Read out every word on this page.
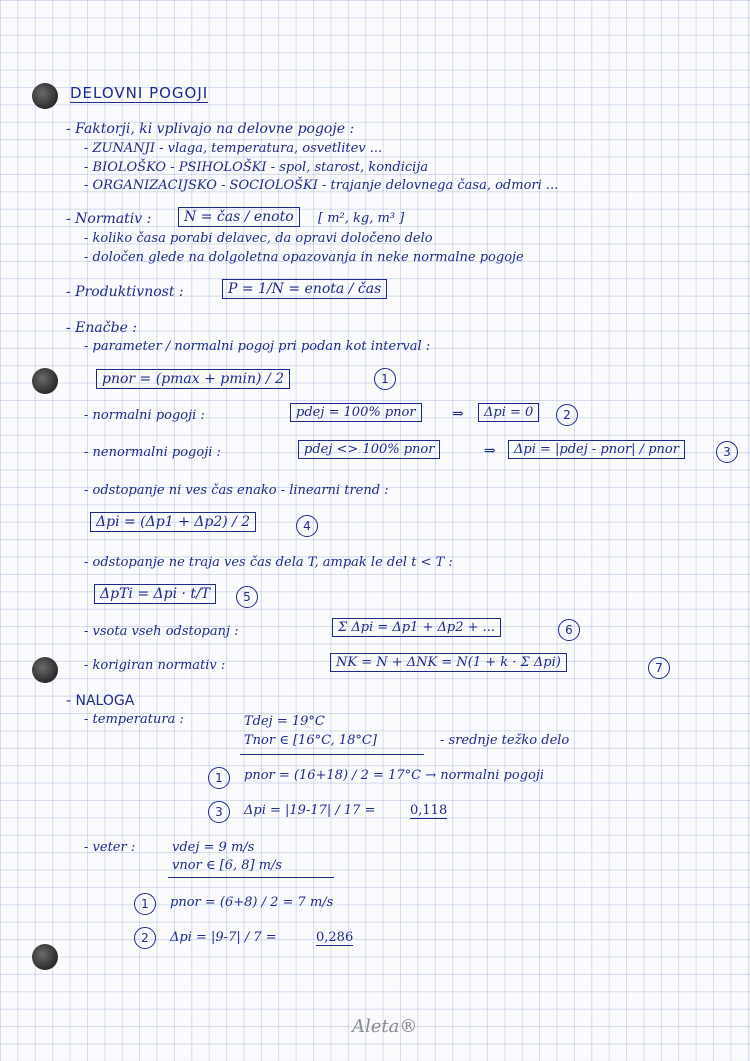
DELOVNI POGOJI
- Faktorji, ki vplivajo na delovne pogoje :
- ZUNANJI - vlaga, temperatura, osvetlitev ...
- BIOLOŠKO - PSIHOLOŠKI - spol, starost, kondicija
- ORGANIZACIJSKO - SOCIOLOŠKI - trajanje delovnega časa, odmori ...
- Normativ :	N = čas / enoto	[ m², kg, m³ ]
- koliko časa porabi delavec, da opravi določeno delo
- določen glede na dolgoletna opazovanja in neke normalne pogoje
- Produktivnost :	P = 1/N = enota / čas
- Enačbe :
- parameter / normalni pogoj pri podan kot interval :
pnor = (pmax + pmin) / 2	1
- normalni pogoji :	pdej = 100% pnor	⇒	Δpi = 0	2
- nenormalni pogoji :	pdej <> 100% pnor	⇒	Δpi = |pdej - pnor| / pnor	3
- odstopanje ni ves čas enako - linearni trend :
Δpi = (Δp1 + Δp2) / 2	4
- odstopanje ne traja ves čas dela T, ampak le del t < T :
ΔpTi = Δpi · t/T	5
- vsota vseh odstopanj :	Σ Δpi = Δp1 + Δp2 + ...	6
- korigiran normativ :	NK = N + ΔNK = N(1 + k · Σ Δpi)	7
- NALOGA
- temperatura :	Tdej = 19°C
Tnor ∈ [16°C, 18°C]	- srednje težko delo
1	pnor = (16+18) / 2 = 17°C → normalni pogoji
3	Δpi = |19-17| / 17 =	0,118
- veter :	vdej = 9 m/s
vnor ∈ [6, 8] m/s
1	pnor = (6+8) / 2 = 7 m/s
2	Δpi = |9-7| / 7 =	0,286
Aleta®
